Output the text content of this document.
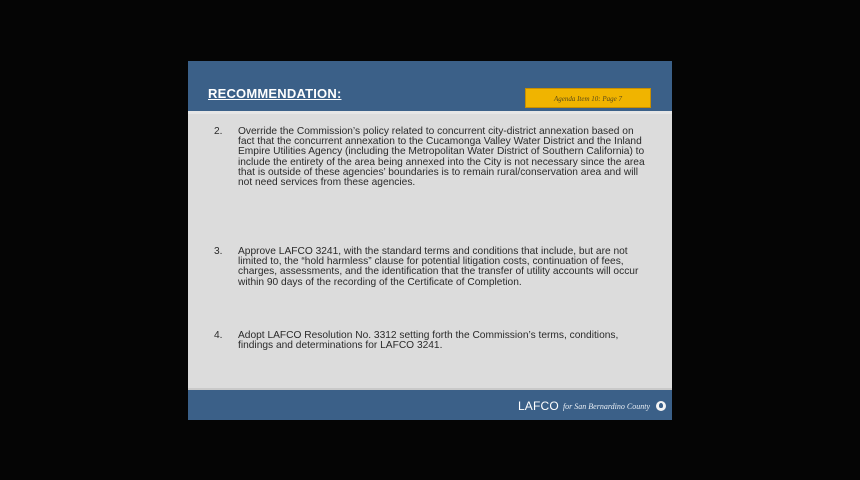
RECOMMENDATION:	Agenda Item 10: Page 7
2.	Override the Commission’s policy related to concurrent city-district annexation based on fact that the concurrent annexation to the Cucamonga Valley Water District and the Inland Empire Utilities Agency (including the Metropolitan Water District of Southern California) to include the entirety of the area being annexed into the City is not necessary since the area that is outside of these agencies’ boundaries is to remain rural/conservation area and will not need services from these agencies.
3.	Approve LAFCO 3241, with the standard terms and conditions that include, but are not limited to, the “hold harmless” clause for potential litigation costs, continuation of fees, charges, assessments, and the identification that the transfer of utility accounts will occur within 90 days of the recording of the Certificate of Completion.
4.	Adopt LAFCO Resolution No. 3312 setting forth the Commission’s terms, conditions, findings and determinations for LAFCO 3241.
LAFCO for San Bernardino County
